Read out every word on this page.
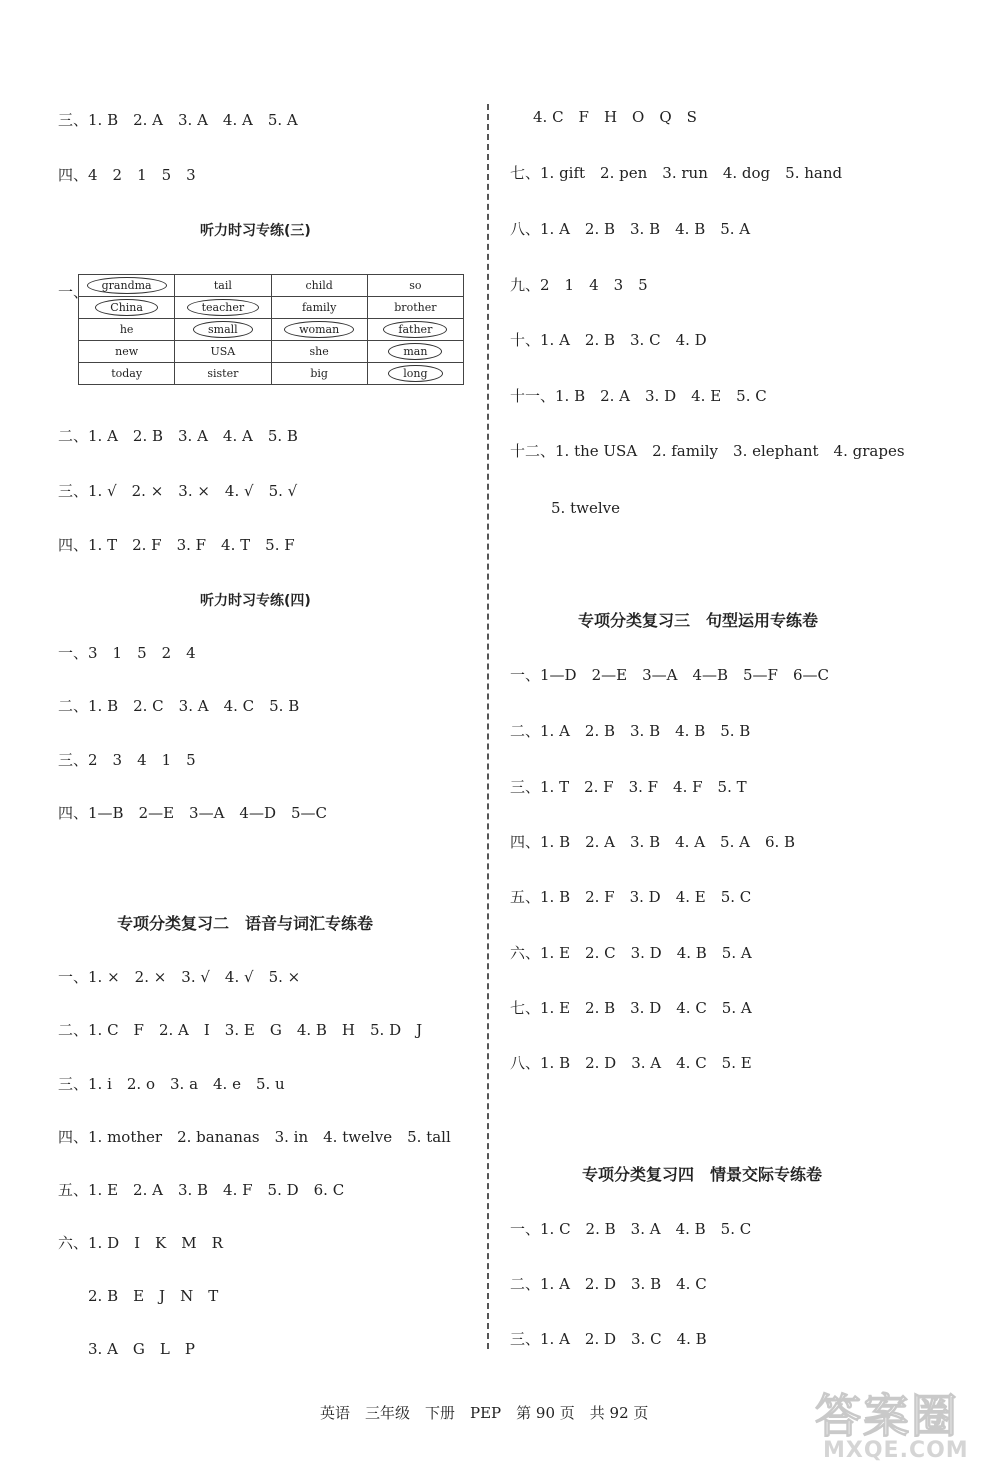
三、1. B　2. A　3. A　4. A　5. A
四、4　2　1　5　3
听力时习专练(三)
一、 grandma	tail	child	so
China	teacher	family	brother
he	small	woman	father
new	USA	she	man
today	sister	big	long
二、1. A　2. B　3. A　4. A　5. B
三、1. √　2. ×　3. ×　4. √　5. √
四、1. T　2. F　3. F　4. T　5. F
听力时习专练(四)
一、3　1　5　2　4
二、1. B　2. C　3. A　4. C　5. B
三、2　3　4　1　5
四、1—B　2—E　3—A　4—D　5—C
专项分类复习二　语音与词汇专练卷
一、1. ×　2. ×　3. √　4. √　5. ×
二、1. C　F　2. A　I　3. E　G　4. B　H　5. D　J
三、1. i　2. o　3. a　4. e　5. u
四、1. mother　2. bananas　3. in　4. twelve　5. tall
五、1. E　2. A　3. B　4. F　5. D　6. C
六、1. D　I　K　M　R
2. B　E　J　N　T
3. A　G　L　P
4. C　F　H　O　Q　S
七、1. gift　2. pen　3. run　4. dog　5. hand
八、1. A　2. B　3. B　4. B　5. A
九、2　1　4　3　5
十、1. A　2. B　3. C　4. D
十一、1. B　2. A　3. D　4. E　5. C
十二、1. the USA　2. family　3. elephant　4. grapes
5. twelve
专项分类复习三　句型运用专练卷
一、1—D　2—E　3—A　4—B　5—F　6—C
二、1. A　2. B　3. B　4. B　5. B
三、1. T　2. F　3. F　4. F　5. T
四、1. B　2. A　3. B　4. A　5. A　6. B
五、1. B　2. F　3. D　4. E　5. C
六、1. E　2. C　3. D　4. B　5. A
七、1. E　2. B　3. D　4. C　5. A
八、1. B　2. D　3. A　4. C　5. E
专项分类复习四　情景交际专练卷
一、1. C　2. B　3. A　4. B　5. C
二、1. A　2. D　3. B　4. C
三、1. A　2. D　3. C　4. B
英语　三年级　下册　PEP　第 90 页　共 92 页	答案圈
MXQE.COM
